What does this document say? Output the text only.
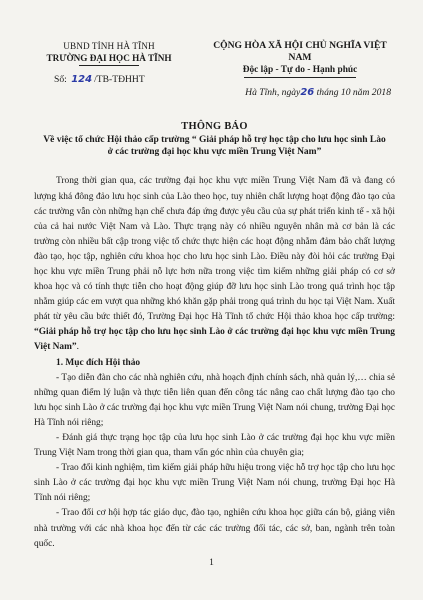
UBND TỈNH HÀ TĨNH
TRƯỜNG ĐẠI HỌC HÀ TĨNH
Số: 124 /TB-TĐHHT
CỘNG HÒA XÃ HỘI CHỦ NGHĨA VIỆT NAM
Độc lập - Tự do - Hạnh phúc
Hà Tĩnh, ngày26 tháng 10 năm 2018
THÔNG BÁO
Về việc tổ chức Hội thảo cấp trường “ Giải pháp hỗ trợ học tập cho lưu học sinh Lào ở các trường đại học khu vực miền Trung Việt Nam”

Trong thời gian qua, các trường đại học khu vực miền Trung Việt Nam đã và đang có lượng khá đông đảo lưu học sinh của Lào theo học, tuy nhiên chất lượng hoạt động đào tạo của các trường vẫn còn những hạn chế chưa đáp ứng được yêu cầu của sự phát triển kinh tế - xã hội của cả hai nước Việt Nam và Lào. Thực trạng này có nhiều nguyên nhân mà cơ bản là các trường còn nhiều bất cập trong việc tổ chức thực hiện các hoạt động nhằm đảm bảo chất lượng đào tạo, học tập, nghiên cứu khoa học cho lưu học sinh Lào. Điều này đòi hỏi các trường Đại học khu vực miền Trung phải nỗ lực hơn nữa trong việc tìm kiếm những giải pháp có cơ sở khoa học và có tính thực tiễn cho hoạt động giúp đỡ lưu học sinh Lào trong quá trình học tập nhằm giúp các em vượt qua những khó khăn gặp phải trong quá trình du học tại Việt Nam. Xuất phát từ yêu cầu bức thiết đó, Trường Đại học Hà Tĩnh tổ chức Hội thảo khoa học cấp trường: “Giải pháp hỗ trợ học tập cho lưu học sinh Lào ở các trường đại học khu vực miền Trung Việt Nam”.

1. Mục đích Hội thảo

- Tạo diễn đàn cho các nhà nghiên cứu, nhà hoạch định chính sách, nhà quản lý,… chia sẻ những quan điểm lý luận và thực tiễn liên quan đến công tác nâng cao chất lượng đào tạo cho lưu học sinh Lào ở các trường đại học khu vực miền Trung Việt Nam nói chung, trường Đại học Hà Tĩnh nói riêng;

- Đánh giá thực trạng học tập của lưu học sinh Lào ở các trường đại học khu vực miền Trung Việt Nam trong thời gian qua, tham vấn góc nhìn của chuyên gia;

- Trao đổi kinh nghiệm, tìm kiếm giải pháp hữu hiệu trong việc hỗ trợ học tập cho lưu học sinh Lào ở các trường đại học khu vực miền Trung Việt Nam nói chung, trường Đại học Hà Tĩnh nói riêng;

- Trao đổi cơ hội hợp tác giáo dục, đào tạo, nghiên cứu khoa học giữa cán bộ, giảng viên nhà trường với các nhà khoa học đến từ các các trường đối tác, các sở, ban, ngành trên toàn quốc.

1
